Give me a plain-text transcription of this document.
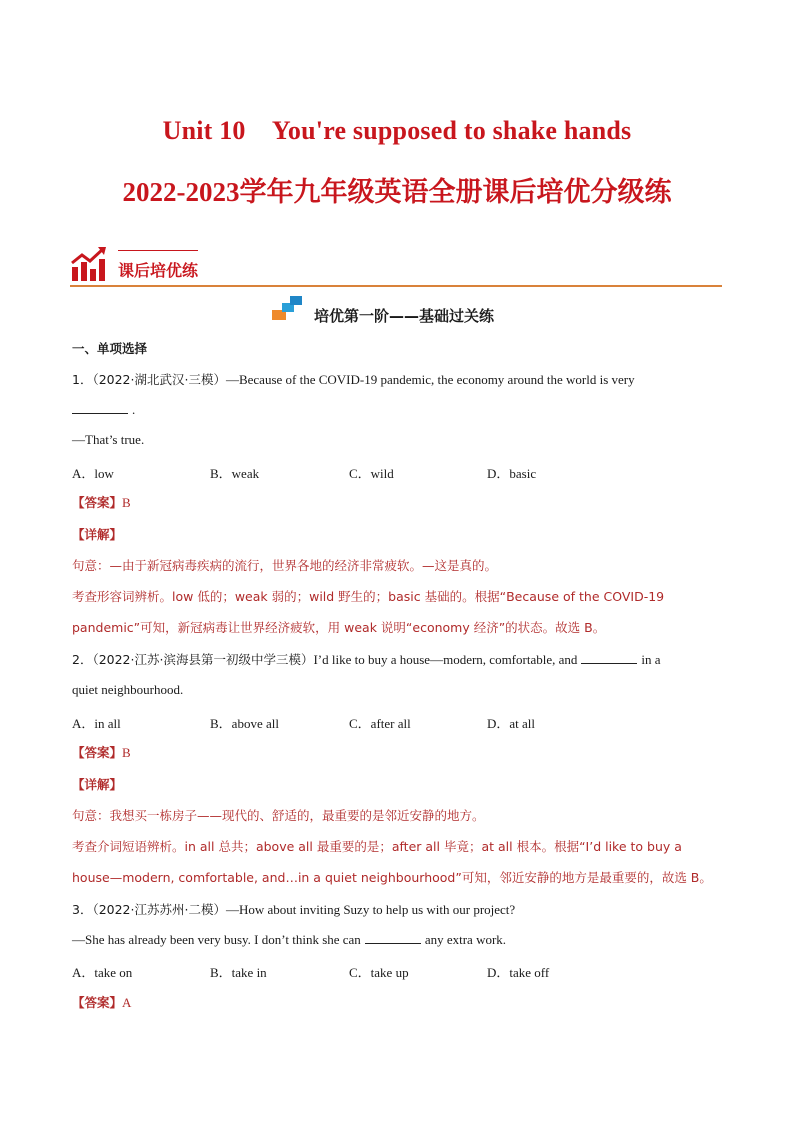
Unit 10　You're supposed to shake hands
2022-2023学年九年级英语全册课后培优分级练
课后培优练
培优第一阶——基础过关练
一、单项选择
1．（2022·湖北武汉·三模）—Because of the COVID-19 pandemic, the economy around the world is very
.
—That’s true.
A．low	B．weak	C．wild	D．basic
【答案】B
【详解】
句意：—由于新冠病毒疾病的流行，世界各地的经济非常疲软。—这是真的。
考查形容词辨析。low 低的；weak 弱的；wild 野生的；basic 基础的。根据“Because of the COVID-19
pandemic”可知，新冠病毒让世界经济疲软，用 weak 说明“economy 经济”的状态。故选 B。
2．（2022·江苏·滨海县第一初级中学三模）I’d like to buy a house—modern, comfortable, and	in a
quiet neighbourhood.
A．in all	B．above all	C．after all	D．at all
【答案】B
【详解】
句意：我想买一栋房子——现代的、舒适的，最重要的是邻近安静的地方。
考查介词短语辨析。in all 总共；above all 最重要的是；after all 毕竟；at all 根本。根据“I’d like to buy a
house—modern, comfortable, and…in a quiet neighbourhood”可知，邻近安静的地方是最重要的，故选 B。
3．（2022·江苏苏州·二模）—How about inviting Suzy to help us with our project?
—She has already been very busy. I don’t think she can	any extra work.
A．take on	B．take in	C．take up	D．take off
【答案】A
